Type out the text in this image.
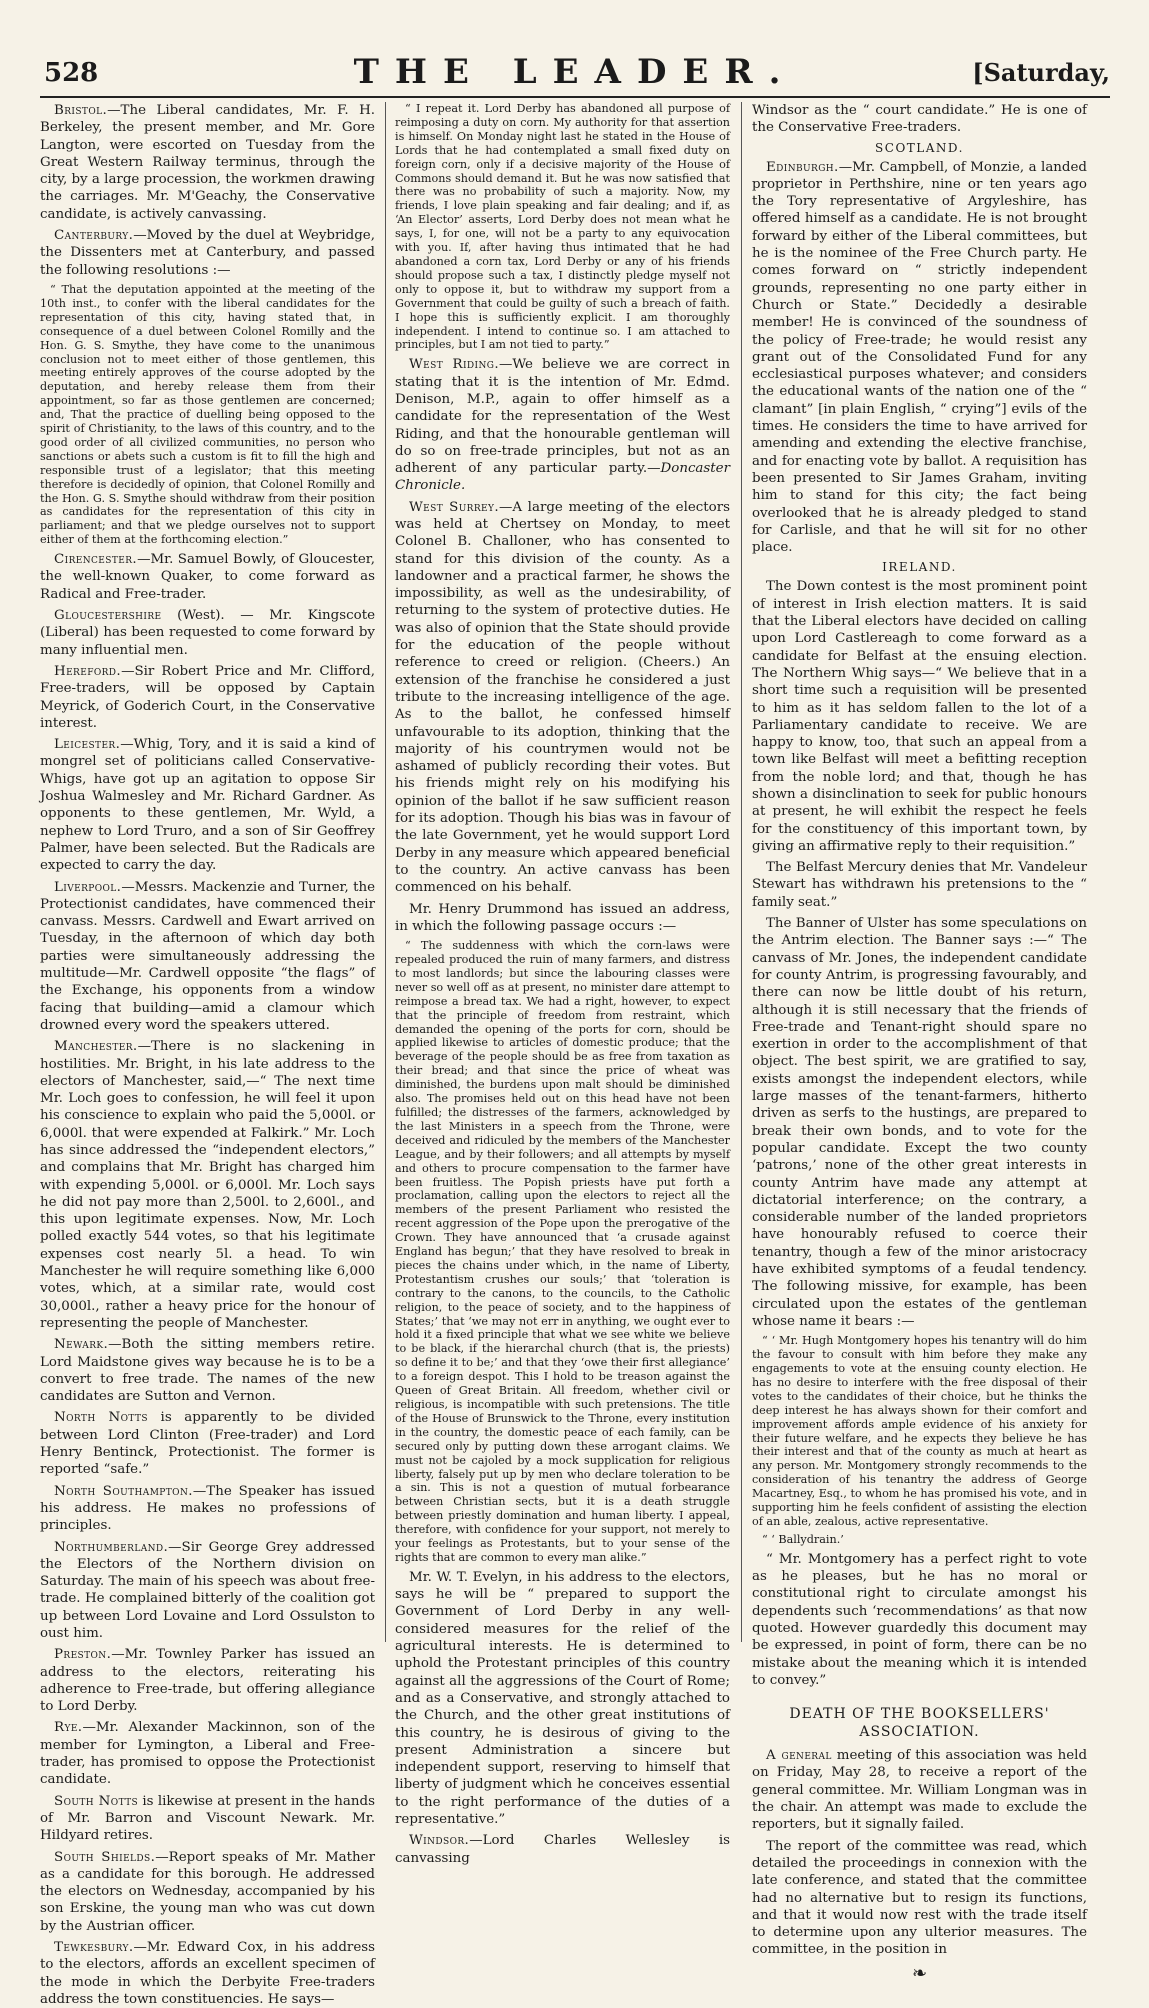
528	THE LEADER.	[Saturday,

Bristol.—The Liberal candidates, Mr. F. H. Berkeley, the present member, and Mr. Gore Langton, were escorted on Tuesday from the Great Western Railway terminus, through the city, by a large procession, the workmen drawing the carriages. Mr. M'Geachy, the Conservative candidate, is actively canvassing.

Canterbury.—Moved by the duel at Weybridge, the Dissenters met at Canterbury, and passed the following resolutions :—

“ That the deputation appointed at the meeting of the 10th inst., to confer with the liberal candidates for the representation of this city, having stated that, in consequence of a duel between Colonel Romilly and the Hon. G. S. Smythe, they have come to the unanimous conclusion not to meet either of those gentlemen, this meeting entirely approves of the course adopted by the deputation, and hereby release them from their appointment, so far as those gentlemen are concerned; and, That the practice of duelling being opposed to the spirit of Christianity, to the laws of this country, and to the good order of all civilized communities, no person who sanctions or abets such a custom is fit to fill the high and responsible trust of a legislator; that this meeting therefore is decidedly of opinion, that Colonel Romilly and the Hon. G. S. Smythe should withdraw from their position as candidates for the representation of this city in parliament; and that we pledge ourselves not to support either of them at the forthcoming election.”

Cirencester.—Mr. Samuel Bowly, of Gloucester, the well-known Quaker, to come forward as Radical and Free-trader.

Gloucestershire (West). — Mr. Kingscote (Liberal) has been requested to come forward by many influential men.

Hereford.—Sir Robert Price and Mr. Clifford, Free-traders, will be opposed by Captain Meyrick, of Goderich Court, in the Conservative interest.

Leicester.—Whig, Tory, and it is said a kind of mongrel set of politicians called Conservative-Whigs, have got up an agitation to oppose Sir Joshua Walmesley and Mr. Richard Gardner. As opponents to these gentlemen, Mr. Wyld, a nephew to Lord Truro, and a son of Sir Geoffrey Palmer, have been selected. But the Radicals are expected to carry the day.

Liverpool.—Messrs. Mackenzie and Turner, the Protectionist candidates, have commenced their canvass. Messrs. Cardwell and Ewart arrived on Tuesday, in the afternoon of which day both parties were simultaneously addressing the multitude—Mr. Cardwell opposite “the flags” of the Exchange, his opponents from a window facing that building—amid a clamour which drowned every word the speakers uttered.

Manchester.—There is no slackening in hostilities. Mr. Bright, in his late address to the electors of Manchester, said,—“ The next time Mr. Loch goes to confession, he will feel it upon his conscience to explain who paid the 5,000l. or 6,000l. that were expended at Falkirk.” Mr. Loch has since addressed the “independent electors,” and complains that Mr. Bright has charged him with expending 5,000l. or 6,000l. Mr. Loch says he did not pay more than 2,500l. to 2,600l., and this upon legitimate expenses. Now, Mr. Loch polled exactly 544 votes, so that his legitimate expenses cost nearly 5l. a head. To win Manchester he will require something like 6,000 votes, which, at a similar rate, would cost 30,000l., rather a heavy price for the honour of representing the people of Manchester.

Newark.—Both the sitting members retire. Lord Maidstone gives way because he is to be a convert to free trade. The names of the new candidates are Sutton and Vernon.

North Notts is apparently to be divided between Lord Clinton (Free-trader) and Lord Henry Bentinck, Protectionist. The former is reported “safe.”

North Southampton.—The Speaker has issued his address. He makes no professions of principles.

Northumberland.—Sir George Grey addressed the Electors of the Northern division on Saturday. The main of his speech was about free-trade. He complained bitterly of the coalition got up between Lord Lovaine and Lord Ossulston to oust him.

Preston.—Mr. Townley Parker has issued an address to the electors, reiterating his adherence to Free-trade, but offering allegiance to Lord Derby.

Rye.—Mr. Alexander Mackinnon, son of the member for Lymington, a Liberal and Free-trader, has promised to oppose the Protectionist candidate.

South Notts is likewise at present in the hands of Mr. Barron and Viscount Newark. Mr. Hildyard retires.

South Shields.—Report speaks of Mr. Mather as a candidate for this borough. He addressed the electors on Wednesday, accompanied by his son Erskine, the young man who was cut down by the Austrian officer.

Tewkesbury.—Mr. Edward Cox, in his address to the electors, affords an excellent specimen of the mode in which the Derbyite Free-traders address the town constituencies. He says—

“ I repeat it. Lord Derby has abandoned all purpose of reimposing a duty on corn. My authority for that assertion is himself. On Monday night last he stated in the House of Lords that he had contemplated a small fixed duty on foreign corn, only if a decisive majority of the House of Commons should demand it. But he was now satisfied that there was no probability of such a majority. Now, my friends, I love plain speaking and fair dealing; and if, as ‘An Elector’ asserts, Lord Derby does not mean what he says, I, for one, will not be a party to any equivocation with you. If, after having thus intimated that he had abandoned a corn tax, Lord Derby or any of his friends should propose such a tax, I distinctly pledge myself not only to oppose it, but to withdraw my support from a Government that could be guilty of such a breach of faith. I hope this is sufficiently explicit. I am thoroughly independent. I intend to continue so. I am attached to principles, but I am not tied to party.”

West Riding.—We believe we are correct in stating that it is the intention of Mr. Edmd. Denison, M.P., again to offer himself as a candidate for the representation of the West Riding, and that the honourable gentleman will do so on free-trade principles, but not as an adherent of any particular party.—Doncaster Chronicle.

West Surrey.—A large meeting of the electors was held at Chertsey on Monday, to meet Colonel B. Challoner, who has consented to stand for this division of the county. As a landowner and a practical farmer, he shows the impossibility, as well as the undesirability, of returning to the system of protective duties. He was also of opinion that the State should provide for the education of the people without reference to creed or religion. (Cheers.) An extension of the franchise he considered a just tribute to the increasing intelligence of the age. As to the ballot, he confessed himself unfavourable to its adoption, thinking that the majority of his countrymen would not be ashamed of publicly recording their votes. But his friends might rely on his modifying his opinion of the ballot if he saw sufficient reason for its adoption. Though his bias was in favour of the late Government, yet he would support Lord Derby in any measure which appeared beneficial to the country. An active canvass has been commenced on his behalf.

Mr. Henry Drummond has issued an address, in which the following passage occurs :—

“ The suddenness with which the corn-laws were repealed produced the ruin of many farmers, and distress to most landlords; but since the labouring classes were never so well off as at present, no minister dare attempt to reimpose a bread tax. We had a right, however, to expect that the principle of freedom from restraint, which demanded the opening of the ports for corn, should be applied likewise to articles of domestic produce; that the beverage of the people should be as free from taxation as their bread; and that since the price of wheat was diminished, the burdens upon malt should be diminished also. The promises held out on this head have not been fulfilled; the distresses of the farmers, acknowledged by the last Ministers in a speech from the Throne, were deceived and ridiculed by the members of the Manchester League, and by their followers; and all attempts by myself and others to procure compensation to the farmer have been fruitless. The Popish priests have put forth a proclamation, calling upon the electors to reject all the members of the present Parliament who resisted the recent aggression of the Pope upon the prerogative of the Crown. They have announced that ‘a crusade against England has begun;’ that they have resolved to break in pieces the chains under which, in the name of Liberty, Protestantism crushes our souls;’ that ‘toleration is contrary to the canons, to the councils, to the Catholic religion, to the peace of society, and to the happiness of States;’ that ‘we may not err in anything, we ought ever to hold it a fixed principle that what we see white we believe to be black, if the hierarchal church (that is, the priests) so define it to be;’ and that they ‘owe their first allegiance’ to a foreign despot. This I hold to be treason against the Queen of Great Britain. All freedom, whether civil or religious, is incompatible with such pretensions. The title of the House of Brunswick to the Throne, every institution in the country, the domestic peace of each family, can be secured only by putting down these arrogant claims. We must not be cajoled by a mock supplication for religious liberty, falsely put up by men who declare toleration to be a sin. This is not a question of mutual forbearance between Christian sects, but it is a death struggle between priestly domination and human liberty. I appeal, therefore, with confidence for your support, not merely to your feelings as Protestants, but to your sense of the rights that are common to every man alike.”

Mr. W. T. Evelyn, in his address to the electors, says he will be “ prepared to support the Government of Lord Derby in any well-considered measures for the relief of the agricultural interests. He is determined to uphold the Protestant principles of this country against all the aggressions of the Court of Rome; and as a Conservative, and strongly attached to the Church, and the other great institutions of this country, he is desirous of giving to the present Administration a sincere but independent support, reserving to himself that liberty of judgment which he conceives essential to the right performance of the duties of a representative.”

Windsor.—Lord Charles Wellesley is canvassing

Windsor as the “ court candidate.” He is one of the Conservative Free-traders.

SCOTLAND.

Edinburgh.—Mr. Campbell, of Monzie, a landed proprietor in Perthshire, nine or ten years ago the Tory representative of Argyleshire, has offered himself as a candidate. He is not brought forward by either of the Liberal committees, but he is the nominee of the Free Church party. He comes forward on “ strictly independent grounds, representing no one party either in Church or State.” Decidedly a desirable member! He is convinced of the soundness of the policy of Free-trade; he would resist any grant out of the Consolidated Fund for any ecclesiastical purposes whatever; and considers the educational wants of the nation one of the “ clamant” [in plain English, “ crying”] evils of the times. He considers the time to have arrived for amending and extending the elective franchise, and for enacting vote by ballot. A requisition has been presented to Sir James Graham, inviting him to stand for this city; the fact being overlooked that he is already pledged to stand for Carlisle, and that he will sit for no other place.

IRELAND.

The Down contest is the most prominent point of interest in Irish election matters. It is said that the Liberal electors have decided on calling upon Lord Castlereagh to come forward as a candidate for Belfast at the ensuing election. The Northern Whig says—“ We believe that in a short time such a requisition will be presented to him as it has seldom fallen to the lot of a Parliamentary candidate to receive. We are happy to know, too, that such an appeal from a town like Belfast will meet a befitting reception from the noble lord; and that, though he has shown a disinclination to seek for public honours at present, he will exhibit the respect he feels for the constituency of this important town, by giving an affirmative reply to their requisition.”

The Belfast Mercury denies that Mr. Vandeleur Stewart has withdrawn his pretensions to the “ family seat.”

The Banner of Ulster has some speculations on the Antrim election. The Banner says :—“ The canvass of Mr. Jones, the independent candidate for county Antrim, is progressing favourably, and there can now be little doubt of his return, although it is still necessary that the friends of Free-trade and Tenant-right should spare no exertion in order to the accomplishment of that object. The best spirit, we are gratified to say, exists amongst the independent electors, while large masses of the tenant-farmers, hitherto driven as serfs to the hustings, are prepared to break their own bonds, and to vote for the popular candidate. Except the two county ‘patrons,’ none of the other great interests in county Antrim have made any attempt at dictatorial interference; on the contrary, a considerable number of the landed proprietors have honourably refused to coerce their tenantry, though a few of the minor aristocracy have exhibited symptoms of a feudal tendency. The following missive, for example, has been circulated upon the estates of the gentleman whose name it bears :—

“ ‘ Mr. Hugh Montgomery hopes his tenantry will do him the favour to consult with him before they make any engagements to vote at the ensuing county election. He has no desire to interfere with the free disposal of their votes to the candidates of their choice, but he thinks the deep interest he has always shown for their comfort and improvement affords ample evidence of his anxiety for their future welfare, and he expects they believe he has their interest and that of the county as much at heart as any person. Mr. Montgomery strongly recommends to the consideration of his tenantry the address of George Macartney, Esq., to whom he has promised his vote, and in supporting him he feels confident of assisting the election of an able, zealous, active representative.

“ ‘ Ballydrain.’

“ Mr. Montgomery has a perfect right to vote as he pleases, but he has no moral or constitutional right to circulate amongst his dependents such ‘recommendations’ as that now quoted. However guardedly this document may be expressed, in point of form, there can be no mistake about the meaning which it is intended to convey.”

DEATH OF THE BOOKSELLERS' ASSOCIATION.

A general meeting of this association was held on Friday, May 28, to receive a report of the general committee. Mr. William Longman was in the chair. An attempt was made to exclude the reporters, but it signally failed.

The report of the committee was read, which detailed the proceedings in connexion with the late conference, and stated that the committee had no alternative but to resign its functions, and that it would now rest with the trade itself to determine upon any ulterior measures. The committee, in the position in

❧
